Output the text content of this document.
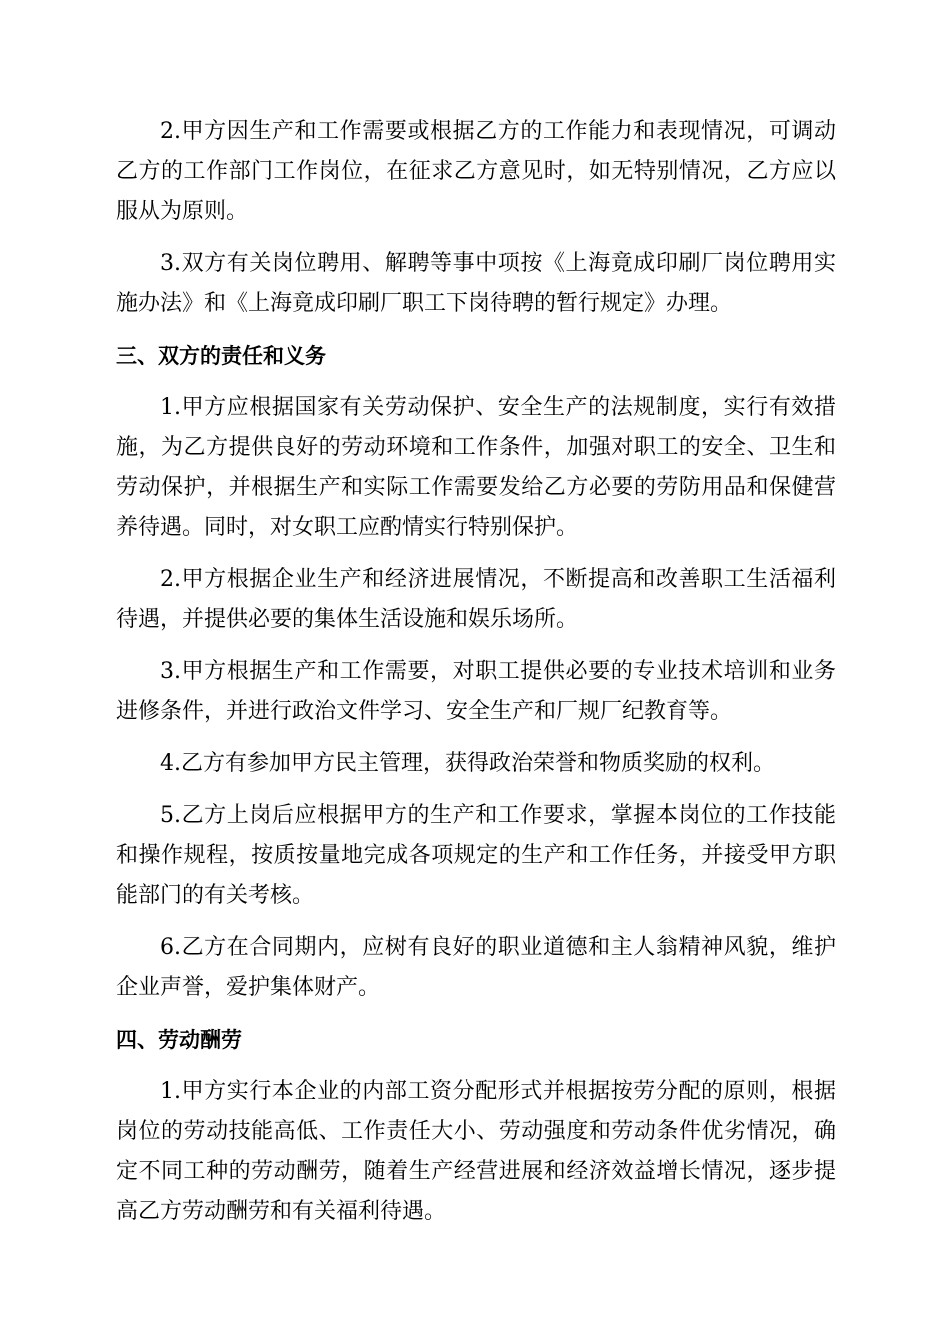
2.甲方因生产和工作需要或根据乙方的工作能力和表现情况，可调动乙方的工作部门工作岗位，在征求乙方意见时，如无特别情况，乙方应以服从为原则。

3.双方有关岗位聘用、解聘等事中项按《上海竟成印刷厂岗位聘用实施办法》和《上海竟成印刷厂职工下岗待聘的暂行规定》办理。

三、双方的责任和义务

1.甲方应根据国家有关劳动保护、安全生产的法规制度，实行有效措施，为乙方提供良好的劳动环境和工作条件，加强对职工的安全、卫生和劳动保护，并根据生产和实际工作需要发给乙方必要的劳防用品和保健营养待遇。同时，对女职工应酌情实行特别保护。

2.甲方根据企业生产和经济进展情况，不断提高和改善职工生活福利待遇，并提供必要的集体生活设施和娱乐场所。

3.甲方根据生产和工作需要，对职工提供必要的专业技术培训和业务进修条件，并进行政治文件学习、安全生产和厂规厂纪教育等。

4.乙方有参加甲方民主管理，获得政治荣誉和物质奖励的权利。

5.乙方上岗后应根据甲方的生产和工作要求，掌握本岗位的工作技能和操作规程，按质按量地完成各项规定的生产和工作任务，并接受甲方职能部门的有关考核。

6.乙方在合同期内，应树有良好的职业道德和主人翁精神风貌，维护企业声誉，爱护集体财产。

四、劳动酬劳

1.甲方实行本企业的内部工资分配形式并根据按劳分配的原则，根据岗位的劳动技能高低、工作责任大小、劳动强度和劳动条件优劣情况，确定不同工种的劳动酬劳，随着生产经营进展和经济效益增长情况，逐步提高乙方劳动酬劳和有关福利待遇。
